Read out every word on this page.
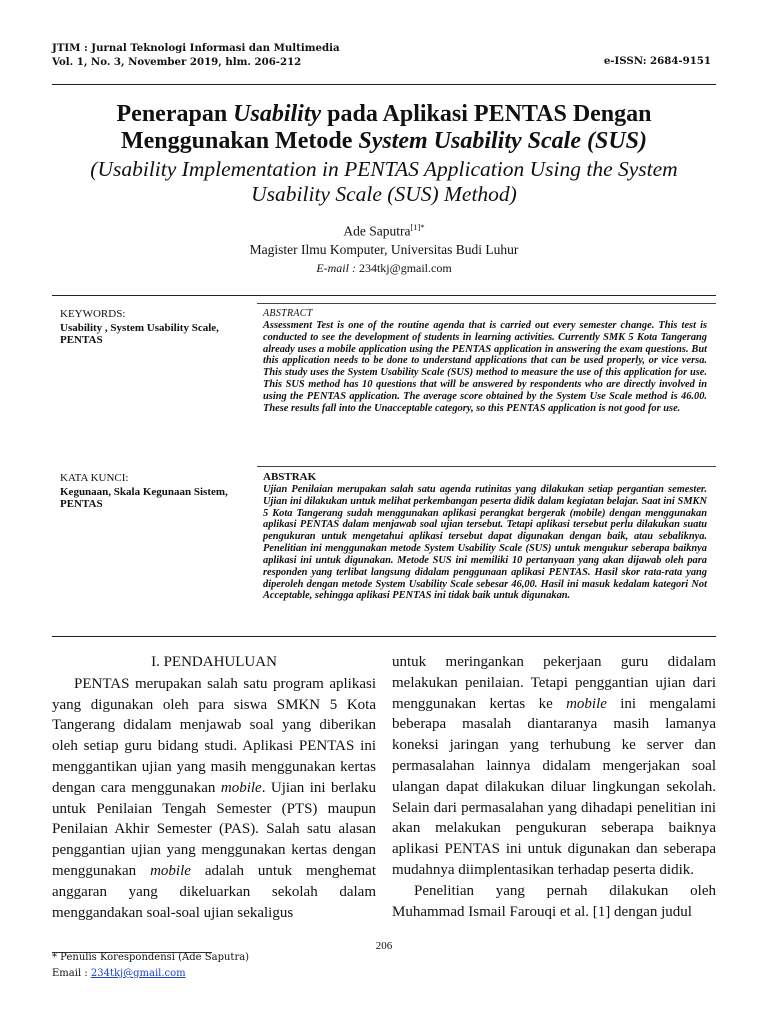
JTIM : Jurnal Teknologi Informasi dan Multimedia
Vol. 1, No. 3, November 2019, hlm. 206-212	e-ISSN: 2684-9151
Penerapan Usability pada Aplikasi PENTAS Dengan
Menggunakan Metode System Usability Scale (SUS)
(Usability Implementation in PENTAS Application Using the System Usability Scale (SUS) Method)
Ade Saputra$^{[1]*}$
Magister Ilmu Komputer, Universitas Budi Luhur
E-mail : 234tkj@gmail.com
KEYWORDS:
Usability , System Usability Scale, PENTAS
ABSTRACT
Assessment Test is one of the routine agenda that is carried out every semester change. This test is conducted to see the development of students in learning activities. Currently SMK 5 Kota Tangerang already uses a mobile application using the PENTAS application in answering the exam questions. But this application needs to be done to understand applications that can be used properly, or vice versa. This study uses the System Usability Scale (SUS) method to measure the use of this application for use. This SUS method has 10 questions that will be answered by respondents who are directly involved in using the PENTAS application. The average score obtained by the System Use Scale method is 46.00. These results fall into the Unacceptable category, so this PENTAS application is not good for use.
KATA KUNCI:
Kegunaan, Skala Kegunaan Sistem, PENTAS
ABSTRAK
Ujian Penilaian merupakan salah satu agenda rutinitas yang dilakukan setiap pergantian semester. Ujian ini dilakukan untuk melihat perkembangan peserta didik dalam kegiatan belajar. Saat ini SMKN 5 Kota Tangerang sudah menggunakan aplikasi perangkat bergerak (mobile) dengan menggunakan aplikasi PENTAS dalam menjawab soal ujian tersebut. Tetapi aplikasi tersebut perlu dilakukan suatu pengukuran untuk mengetahui aplikasi tersebut dapat digunakan dengan baik, atau sebaliknya. Penelitian ini menggunakan metode System Usability Scale (SUS) untuk mengukur seberapa baiknya aplikasi ini untuk digunakan. Metode SUS ini memiliki 10 pertanyaan yang akan dijawab oleh para responden yang terlibat langsung didalam penggunaan aplikasi PENTAS. Hasil skor rata-rata yang diperoleh dengan metode System Usability Scale sebesar 46,00. Hasil ini masuk kedalam kategori Not Acceptable, sehingga aplikasi PENTAS ini tidak baik untuk digunakan.
I. PENDAHULUAN

PENTAS merupakan salah satu program aplikasi yang digunakan oleh para siswa SMKN 5 Kota Tangerang didalam menjawab soal yang diberikan oleh setiap guru bidang studi. Aplikasi PENTAS ini menggantikan ujian yang masih menggunakan kertas dengan cara menggunakan mobile. Ujian ini berlaku untuk Penilaian Tengah Semester (PTS) maupun Penilaian Akhir Semester (PAS). Salah satu alasan penggantian ujian yang menggunakan kertas dengan menggunakan mobile adalah untuk menghemat anggaran yang dikeluarkan sekolah dalam menggandakan soal-soal ujian sekaligus

untuk meringankan pekerjaan guru didalam melakukan penilaian. Tetapi penggantian ujian dari menggunakan kertas ke mobile ini mengalami beberapa masalah diantaranya masih lamanya koneksi jaringan yang terhubung ke server dan permasalahan lainnya didalam mengerjakan soal ulangan dapat dilakukan diluar lingkungan sekolah. Selain dari permasalahan yang dihadapi penelitian ini akan melakukan pengukuran seberapa baiknya aplikasi PENTAS ini untuk digunakan dan seberapa mudahnya diimplentasikan terhadap peserta didik.

Penelitian yang pernah dilakukan oleh Muhammad Ismail Farouqi et al. [1] dengan judul

206
* Penulis Korespondensi (Ade Saputra)
Email : 234tkj@gmail.com
